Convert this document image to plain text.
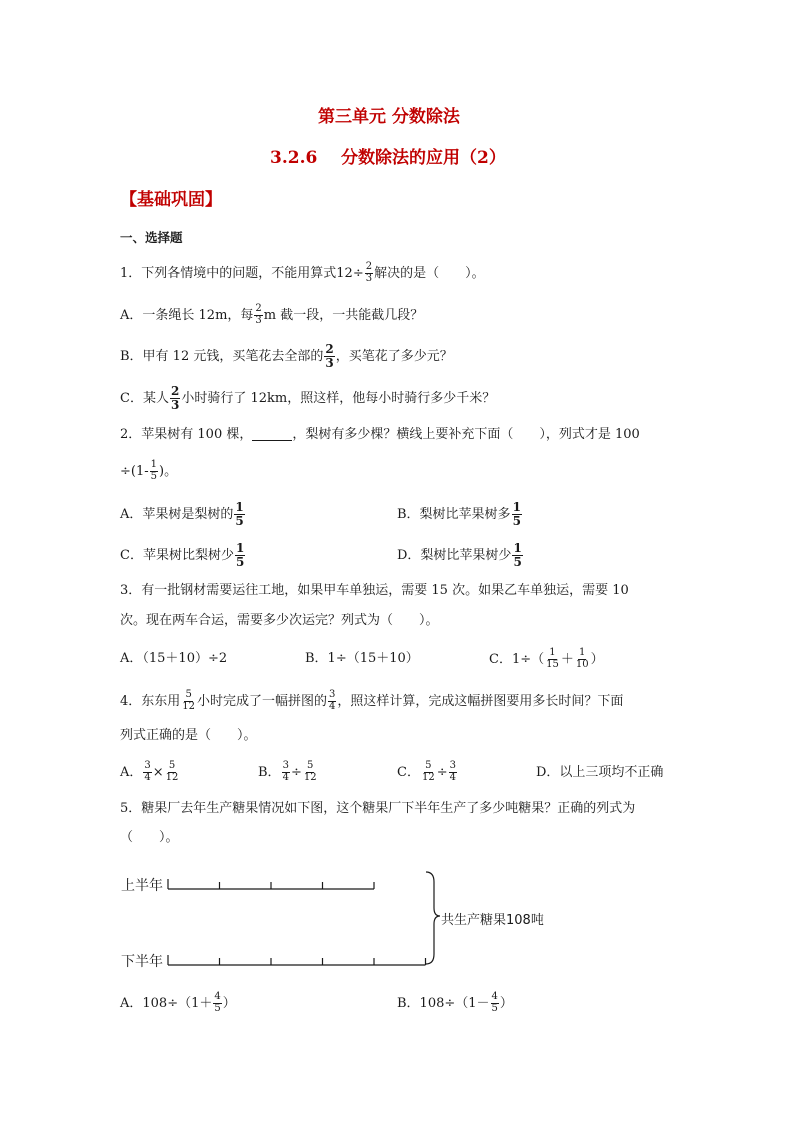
第三单元 分数除法
3.2.6    分数除法的应用（2）
【基础巩固】
一、选择题
1．下列各情境中的问题，不能用算式$12\div \frac{2}{3}$ 解决的是（　　）。
A．一条绳长 12m，每 $\frac{2}{3}$ m 截一段，一共能截几段？
B．甲有 12 元钱，买笔花去全部的 $\frac{2}{3}$ ，买笔花了多少元？
C．某人 $\frac{2}{3}$ 小时骑行了 12km，照这样，他每小时骑行多少千米？
2．苹果树有 100 棵，	，梨树有多少棵？横线上要补充下面（　　），列式才是 100
$\div(1- \frac{1}{5}$ )。
A．苹果树是梨树的 $\frac{1}{5}$	B．梨树比苹果树多 $\frac{1}{5}$
C．苹果树比梨树少 $\frac{1}{5}$	D．梨树比苹果树少 $\frac{1}{5}$
3．有一批钢材需要运往工地，如果甲车单独运，需要 15 次。如果乙车单独运，需要 10
次。现在两车合运，需要多少次运完？列式为（　　）。
A．（15＋10）÷2	B．1÷（15＋10）	C．$1\div( \frac{1}{15} + \frac{1}{10}$ ）
4．东东用 $\frac{5}{12}$ 小时完成了一幅拼图的 $\frac{3}{4}$ ，照这样计算，完成这幅拼图要用多长时间？下面
列式正确的是（　　）。
A． $\frac{3}{4} \times \frac{5}{12}$	B． $\frac{3}{4} \div \frac{5}{12}$	C． $\frac{5}{12} \div \frac{3}{4}$	D．以上三项均不正确
5．糖果厂去年生产糖果情况如下图，这个糖果厂下半年生产了多少吨糖果？正确的列式为
（　　）。
上半年
下半年
共生产糖果108吨
A．$108\div(1+ \frac{4}{5}$ ）	B．$108\div(1- \frac{4}{5}$ ）
